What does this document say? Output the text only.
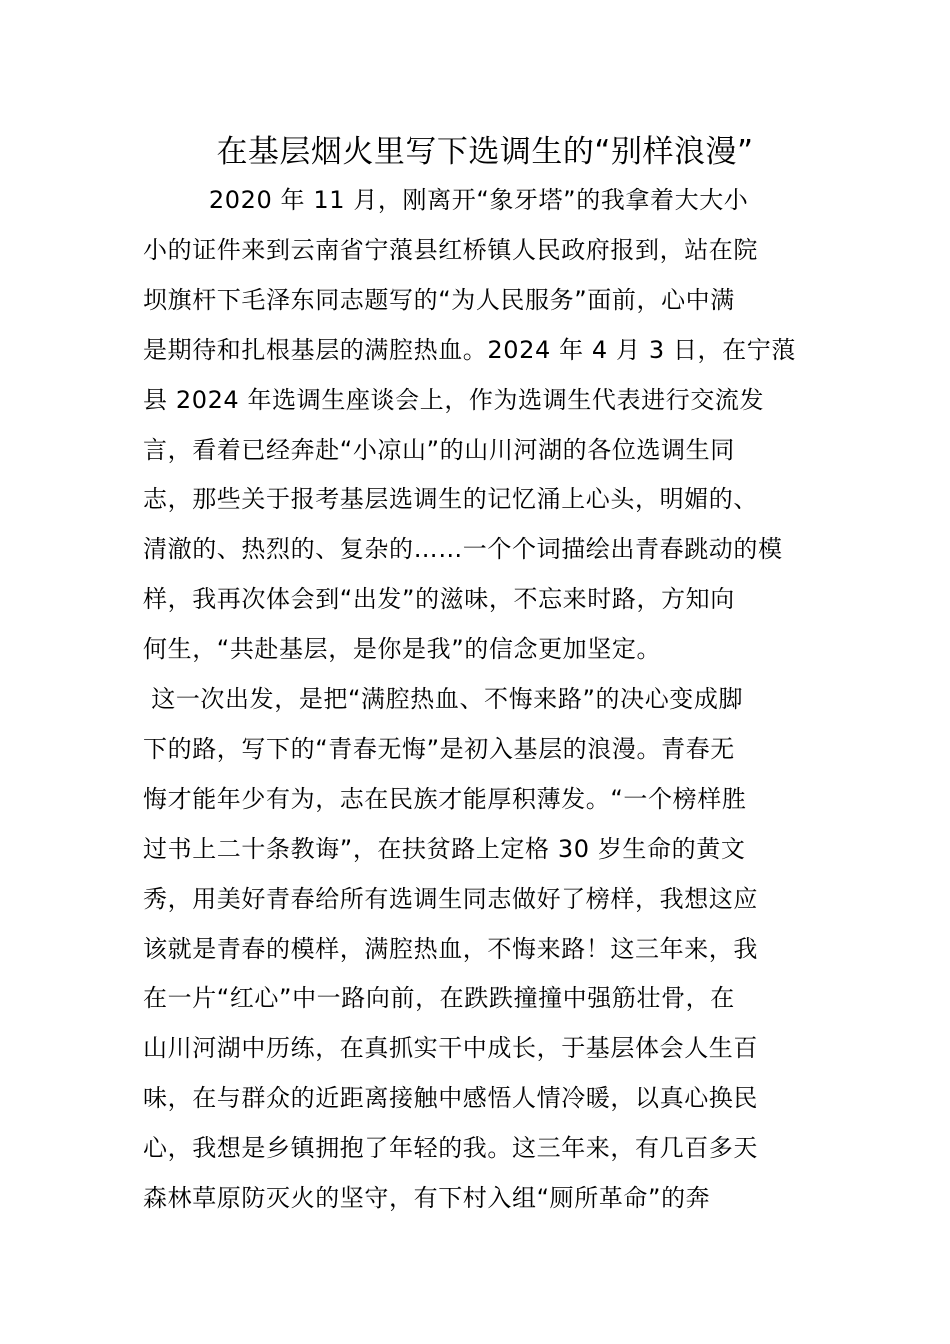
在基层烟火里写下选调生的“别样浪漫”

2020 年 11 月，刚离开“象牙塔”的我拿着大大小

小的证件来到云南省宁蒗县红桥镇人民政府报到，站在院

坝旗杆下毛泽东同志题写的“为人民服务”面前，心中满

是期待和扎根基层的满腔热血。2024 年 4 月 3 日，在宁蒗

县 2024 年选调生座谈会上，作为选调生代表进行交流发

言，看着已经奔赴“小凉山”的山川河湖的各位选调生同

志，那些关于报考基层选调生的记忆涌上心头，明媚的、

清澈的、热烈的、复杂的……一个个词描绘出青春跳动的模

样，我再次体会到“出发”的滋味，不忘来时路，方知向

何生，“共赴基层，是你是我”的信念更加坚定。

这一次出发，是把“满腔热血、不悔来路”的决心变成脚

下的路，写下的“青春无悔”是初入基层的浪漫。青春无

悔才能年少有为，志在民族才能厚积薄发。“一个榜样胜

过书上二十条教诲”，在扶贫路上定格 30 岁生命的黄文

秀，用美好青春给所有选调生同志做好了榜样，我想这应

该就是青春的模样，满腔热血，不悔来路！这三年来，我

在一片“红心”中一路向前，在跌跌撞撞中强筋壮骨，在

山川河湖中历练，在真抓实干中成长，于基层体会人生百

味，在与群众的近距离接触中感悟人情冷暖，以真心换民

心，我想是乡镇拥抱了年轻的我。这三年来，有几百多天

森林草原防灭火的坚守，有下村入组“厕所革命”的奔
